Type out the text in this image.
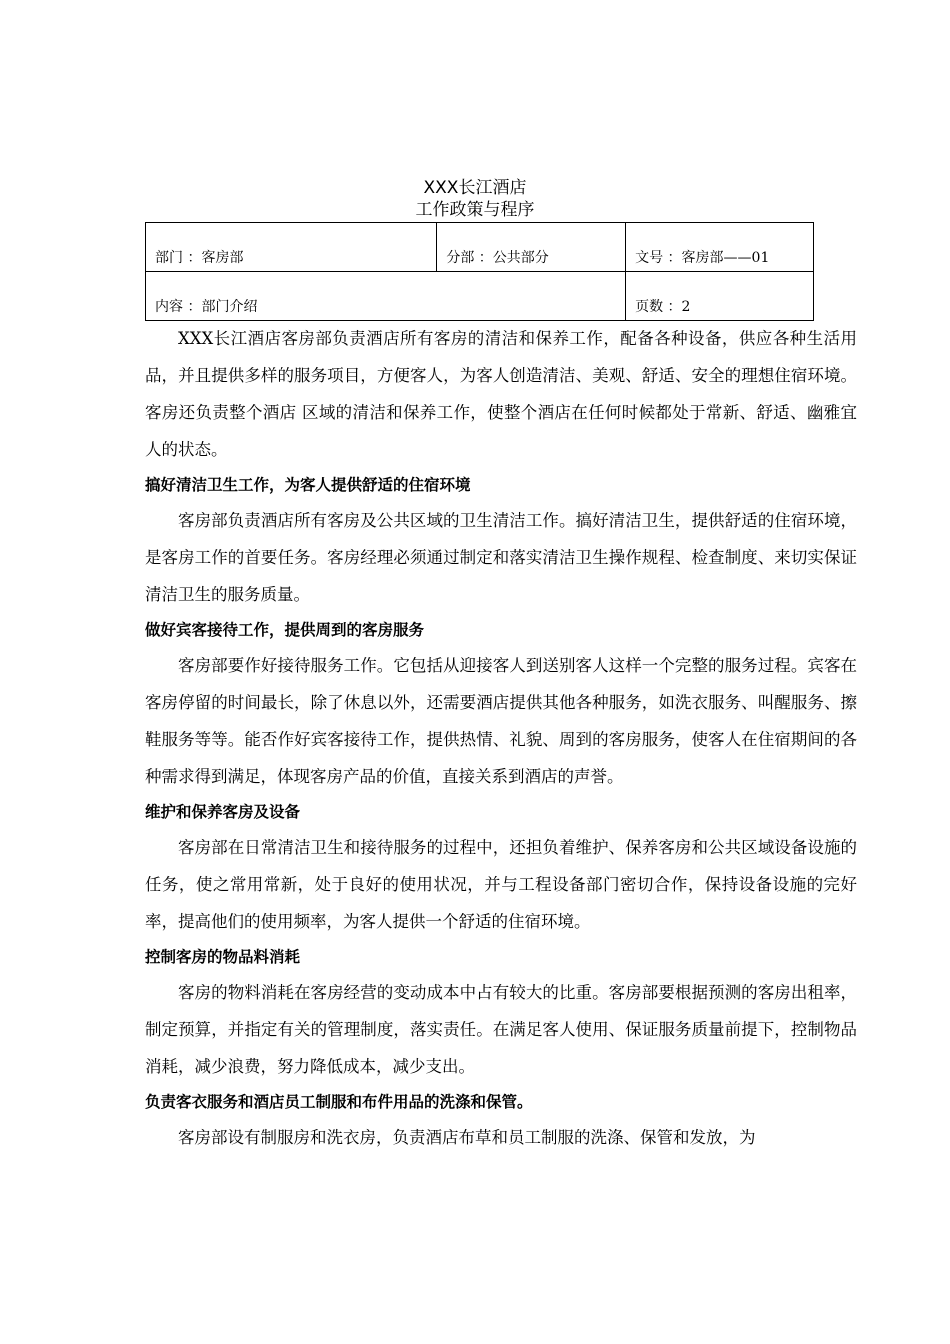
XXX长江酒店
工作政策与程序
部门 ：客房部	分部 ：公共部分	文号 ：客房部——01
内容 ：部门介绍		页数 ：2

XXX长江酒店客房部负责酒店所有客房的清洁和保养工作，配备各种设备，供应各种生活用品，并且提供多样的服务项目，方便客人，为客人创造清洁、美观、舒适、安全的理想住宿环境。客房还负责整个酒店 区域的清洁和保养工作，使整个酒店在任何时候都处于常新、舒适、幽雅宜人的状态。

搞好清洁卫生工作，为客人提供舒适的住宿环境

客房部负责酒店所有客房及公共区域的卫生清洁工作。搞好清洁卫生，提供舒适的住宿环境，是客房工作的首要任务。客房经理必须通过制定和落实清洁卫生操作规程、检查制度、来切实保证清洁卫生的服务质量。

做好宾客接待工作，提供周到的客房服务

客房部要作好接待服务工作。它包括从迎接客人到送别客人这样一个完整的服务过程。宾客在客房停留的时间最长，除了休息以外，还需要酒店提供其他各种服务，如洗衣服务、叫醒服务、擦鞋服务等等。能否作好宾客接待工作，提供热情、礼貌、周到的客房服务，使客人在住宿期间的各种需求得到满足，体现客房产品的价值，直接关系到酒店的声誉。

维护和保养客房及设备

客房部在日常清洁卫生和接待服务的过程中，还担负着维护、保养客房和公共区域设备设施的任务，使之常用常新，处于良好的使用状况，并与工程设备部门密切合作，保持设备设施的完好率，提高他们的使用频率，为客人提供一个舒适的住宿环境。

控制客房的物品料消耗

客房的物料消耗在客房经营的变动成本中占有较大的比重。客房部要根据预测的客房出租率，制定预算，并指定有关的管理制度，落实责任。在满足客人使用、保证服务质量前提下，控制物品消耗，减少浪费，努力降低成本，减少支出。

负责客衣服务和酒店员工制服和布件用品的洗涤和保管。

客房部设有制服房和洗衣房，负责酒店布草和员工制服的洗涤、保管和发放，为
